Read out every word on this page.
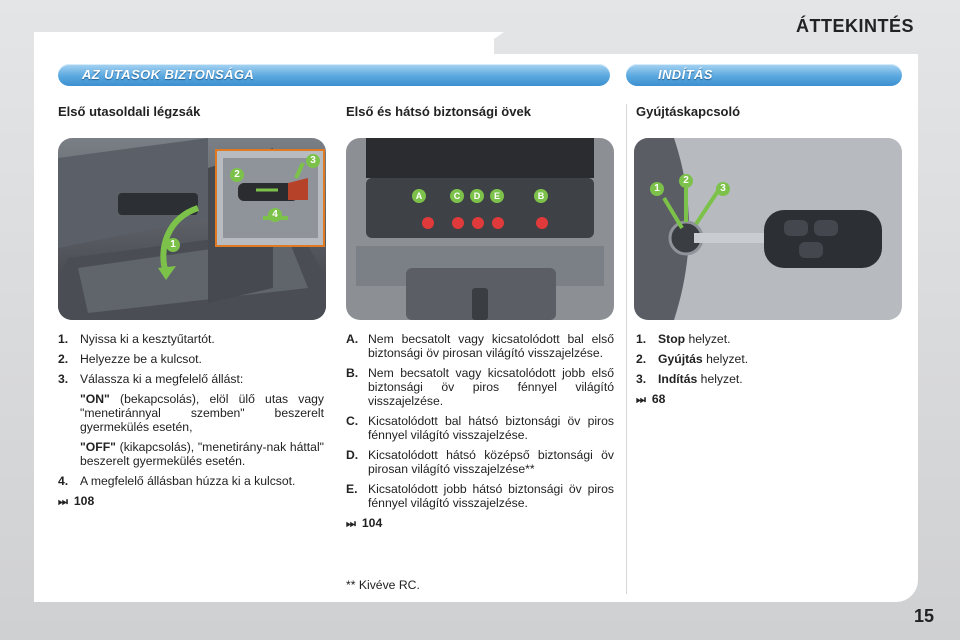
ÁTTEKINTÉS
AZ UTASOK BIZTONSÁGA	INDÍTÁS
Első utasoldali légzsák	Első és hátsó biztonsági övek	Gyújtáskapcsoló
1
2
3
4
A	C	D	E	B
1
2
3
1. Nyissa ki a kesztyűtartót.
2. Helyezze be a kulcsot.
3. Válassza ki a megfelelő állást:
"ON" (bekapcsolás), elöl ülő utas vagy "menetiránnyal szemben" beszerelt gyermekülés esetén,
"OFF" (kikapcsolás), "menetirány-nak háttal" beszerelt gyermekülés esetén.
4. A megfelelő állásban húzza ki a kulcsot.
⏭ 108
A. Nem becsatolt vagy kicsatolódott bal első biztonsági öv pirosan világító visszajelzése.
B. Nem becsatolt vagy kicsatolódott jobb első biztonsági öv piros fénnyel világító visszajelzése.
C. Kicsatolódott bal hátsó biztonsági öv piros fénnyel világító visszajelzése.
D. Kicsatolódott hátsó középső biztonsági öv pirosan világító visszajelzése**
E. Kicsatolódott jobb hátsó biztonsági öv piros fénnyel világító visszajelzése.
⏭ 104
** Kivéve RC.
1. Stop helyzet.
2. Gyújtás helyzet.
3. Indítás helyzet.
⏭ 68
15
